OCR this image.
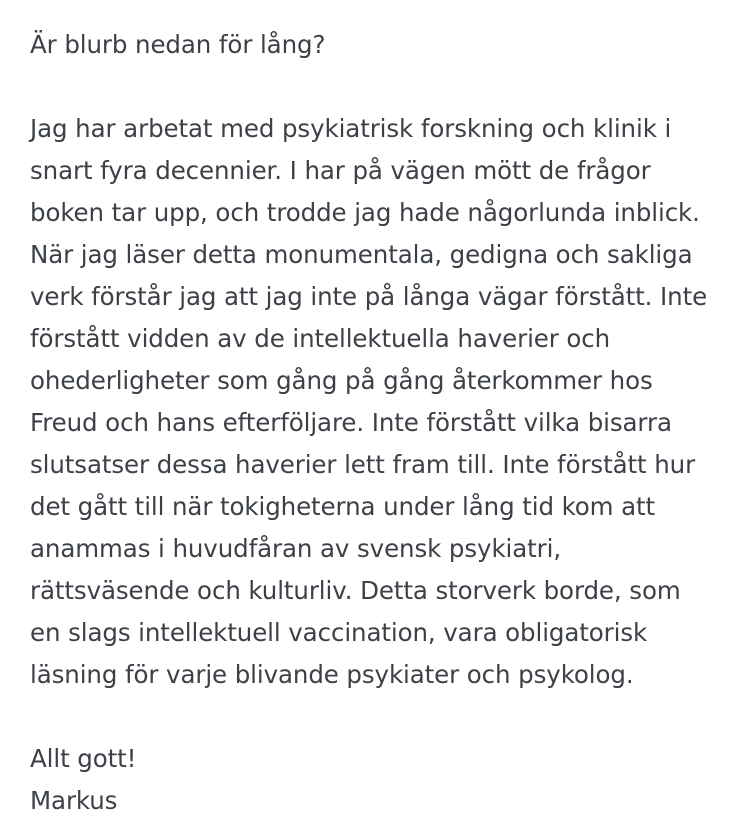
Är blurb nedan för lång?

Jag har arbetat med psykiatrisk forskning och klinik i

snart fyra decennier. I har på vägen mött de frågor

boken tar upp, och trodde jag hade någorlunda inblick.

När jag läser detta monumentala, gedigna och sakliga

verk förstår jag att jag inte på långa vägar förstått. Inte

förstått vidden av de intellektuella haverier och

ohederligheter som gång på gång återkommer hos

Freud och hans efterföljare. Inte förstått vilka bisarra

slutsatser dessa haverier lett fram till. Inte förstått hur

det gått till när tokigheterna under lång tid kom att

anammas i huvudfåran av svensk psykiatri,

rättsväsende och kulturliv. Detta storverk borde, som

en slags intellektuell vaccination, vara obligatorisk

läsning för varje blivande psykiater och psykolog.

Allt gott!

Markus
